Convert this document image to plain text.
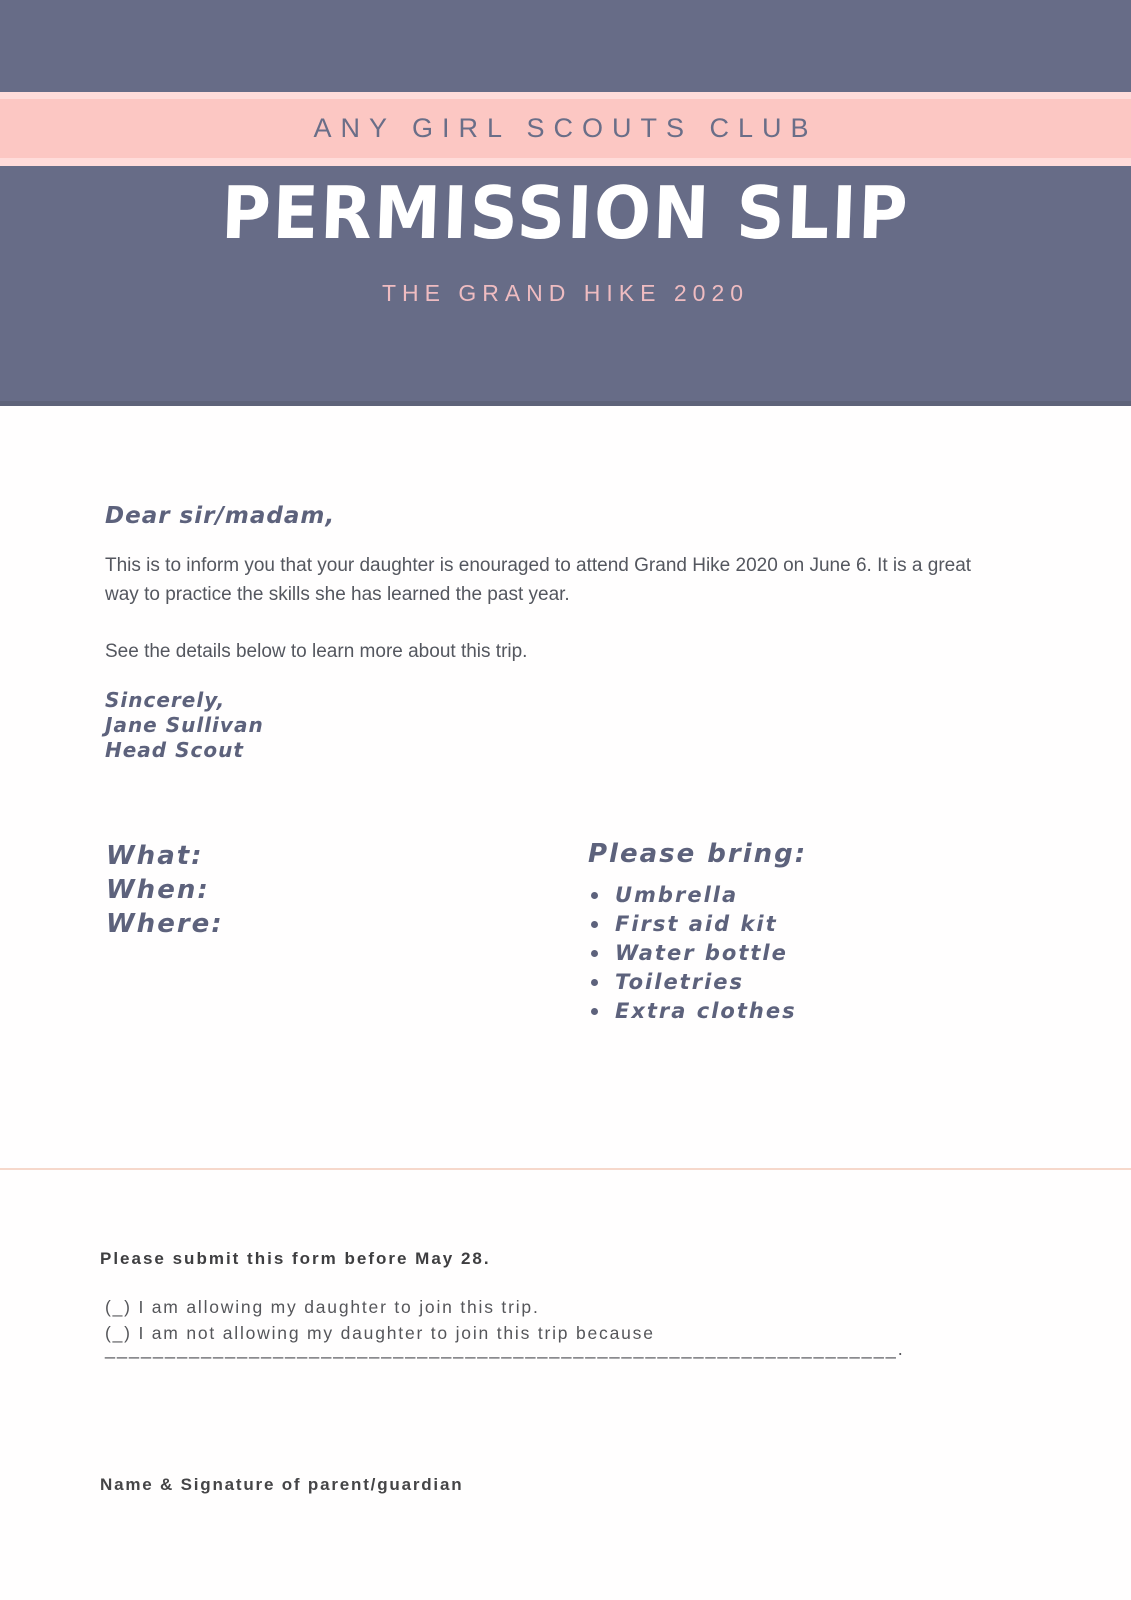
ANY GIRL SCOUTS CLUB
PERMISSION SLIP
THE GRAND HIKE 2020
Dear sir/madam,

This is to inform you that your daughter is enouraged to attend Grand Hike 2020 on June 6. It is a great way to practice the skills she has learned the past year.

See the details below to learn more about this trip.

Sincerely,
Jane Sullivan
Head Scout
What:
When:
Where:
Please bring:
Umbrella
First aid kit
Water bottle
Toiletries
Extra clothes
Please submit this form before May 28.
(_) I am allowing my daughter to join this trip.
(_) I am not allowing my daughter to join this trip because
__________________________________________________________________.
Name & Signature of parent/guardian
